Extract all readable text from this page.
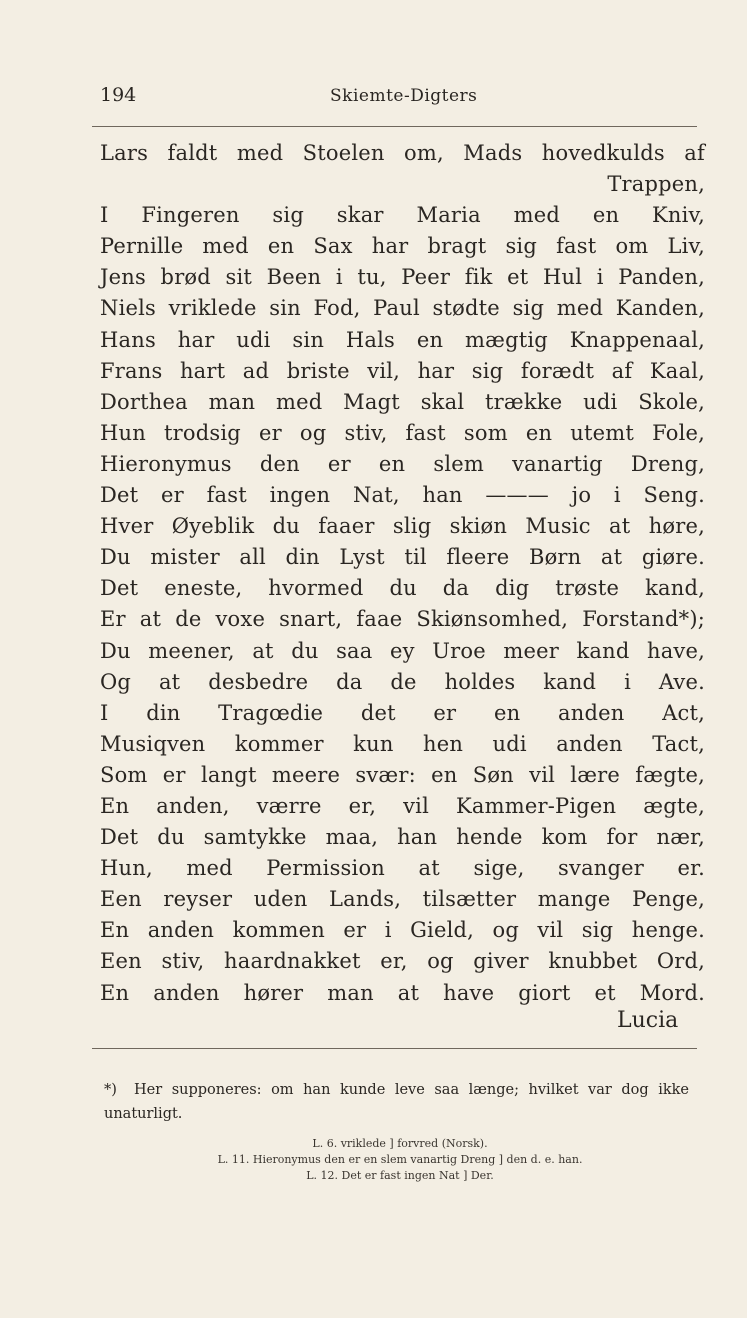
194	Skiemte-Digters
Lars faldt med Stoelen om, Mads hovedkulds af
Trappen,
I Fingeren sig skar Maria med en Kniv,
Pernille med en Sax har bragt sig fast om Liv,
Jens brød sit Been i tu, Peer fik et Hul i Panden,
Niels vriklede sin Fod, Paul stødte sig med Kanden,
Hans har udi sin Hals en mægtig Knappenaal,
Frans hart ad briste vil, har sig forædt af Kaal,
Dorthea man med Magt skal trække udi Skole,
Hun trodsig er og stiv, fast som en utemt Fole,
Hieronymus den er en slem vanartig Dreng,
Det er fast ingen Nat, han ——— jo i Seng.
Hver Øyeblik du faaer slig skiøn Music at høre,
Du mister all din Lyst til fleere Børn at giøre.
Det eneste, hvormed du da dig trøste kand,
Er at de voxe snart, faae Skiønsomhed, Forstand*);
Du meener, at du saa ey Uroe meer kand have,
Og at desbedre da de holdes kand i Ave.
I din Tragœdie det er en anden Act,
Musiqven kommer kun hen udi anden Tact,
Som er langt meere svær: en Søn vil lære fægte,
En anden, værre er, vil Kammer-Pigen ægte,
Det du samtykke maa, han hende kom for nær,
Hun, med Permission at sige, svanger er.
Een reyser uden Lands, tilsætter mange Penge,
En anden kommen er i Gield, og vil sig henge.
Een stiv, haardnakket er, og giver knubbet Ord,
En anden hører man at have giort et Mord.
Lucia
*) Her supponeres: om han kunde leve saa længe; hvilket var dog ikke unaturligt.
L. 6. vriklede ] forvred (Norsk).
L. 11. Hieronymus den er en slem vanartig Dreng ] den d. e. han.
L. 12. Det er fast ingen Nat ] Der.
